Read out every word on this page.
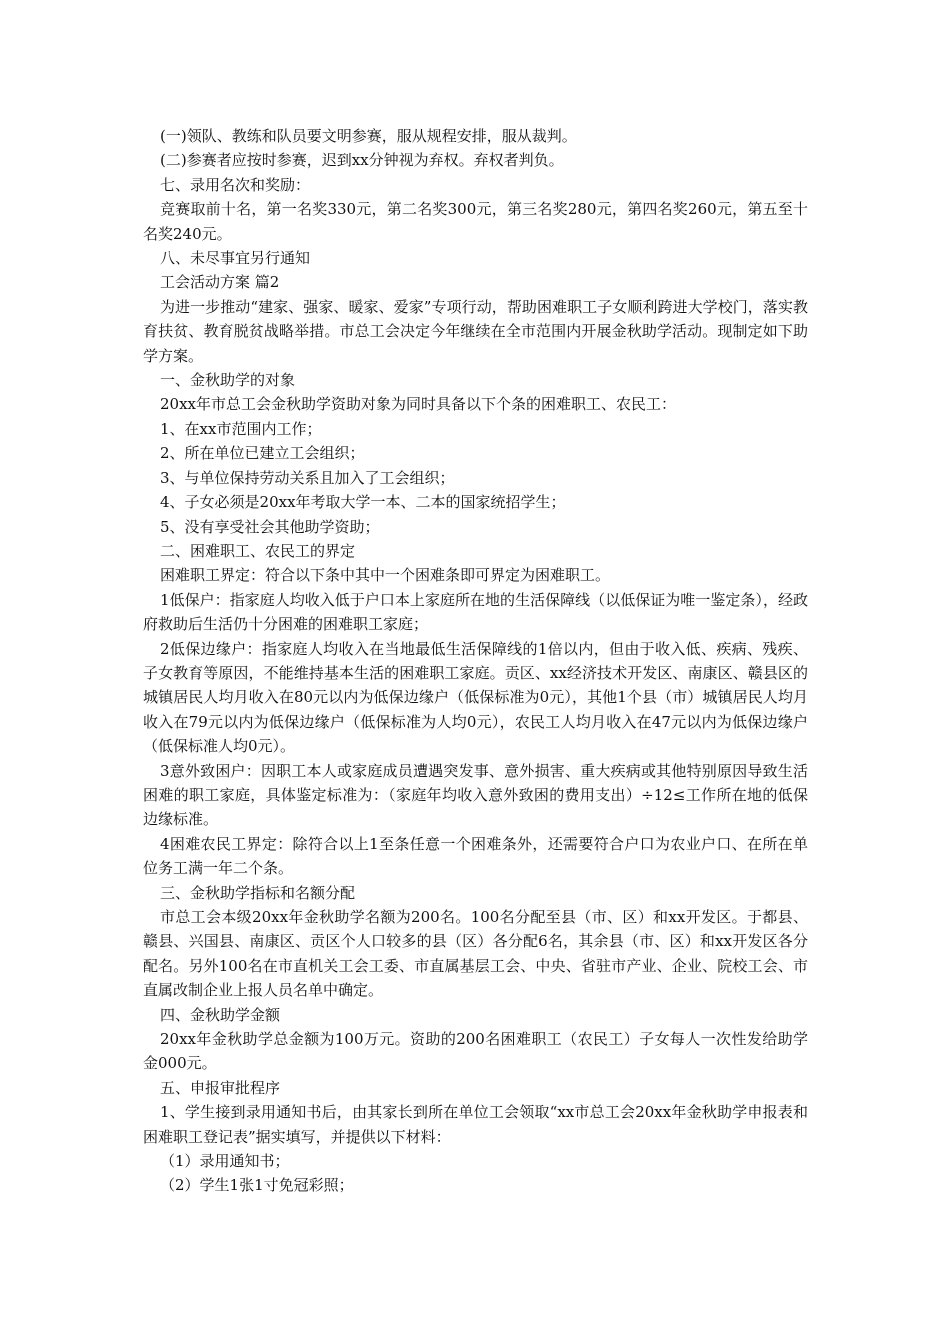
(一)领队、教练和队员要文明参赛，服从规程安排，服从裁判。

(二)参赛者应按时参赛，迟到xx分钟视为弃权。弃权者判负。

七、录用名次和奖励：

竞赛取前十名，第一名奖330元，第二名奖300元，第三名奖280元，第四名奖260元，第五至十名奖240元。

八、未尽事宜另行通知

工会活动方案 篇2

为进一步推动“建家、强家、暖家、爱家”专项行动，帮助困难职工子女顺利跨进大学校门，落实教育扶贫、教育脱贫战略举措。市总工会决定今年继续在全市范围内开展金秋助学活动。现制定如下助学方案。

一、金秋助学的对象

20xx年市总工会金秋助学资助对象为同时具备以下个条的困难职工、农民工：

1、在xx市范围内工作；

2、所在单位已建立工会组织；

3、与单位保持劳动关系且加入了工会组织；

4、子女必须是20xx年考取大学一本、二本的国家统招学生；

5、没有享受社会其他助学资助；

二、困难职工、农民工的界定

困难职工界定：符合以下条中其中一个困难条即可界定为困难职工。

1低保户：指家庭人均收入低于户口本上家庭所在地的生活保障线（以低保证为唯一鉴定条），经政府救助后生活仍十分困难的困难职工家庭；

2低保边缘户：指家庭人均收入在当地最低生活保障线的1倍以内，但由于收入低、疾病、残疾、子女教育等原因，不能维持基本生活的困难职工家庭。贡区、xx经济技术开发区、南康区、赣县区的城镇居民人均月收入在80元以内为低保边缘户（低保标准为0元），其他1个县（市）城镇居民人均月收入在79元以内为低保边缘户（低保标准为人均0元），农民工人均月收入在47元以内为低保边缘户（低保标准人均0元）。

3意外致困户：因职工本人或家庭成员遭遇突发事、意外损害、重大疾病或其他特别原因导致生活困难的职工家庭，具体鉴定标准为：（家庭年均收入意外致困的费用支出）÷12≤工作所在地的低保边缘标准。

4困难农民工界定：除符合以上1至条任意一个困难条外，还需要符合户口为农业户口、在所在单位务工满一年二个条。

三、金秋助学指标和名额分配

市总工会本级20xx年金秋助学名额为200名。100名分配至县（市、区）和xx开发区。于都县、赣县、兴国县、南康区、贡区个人口较多的县（区）各分配6名，其余县（市、区）和xx开发区各分配名。另外100名在市直机关工会工委、市直属基层工会、中央、省驻市产业、企业、院校工会、市直属改制企业上报人员名单中确定。

四、金秋助学金额

20xx年金秋助学总金额为100万元。资助的200名困难职工（农民工）子女每人一次性发给助学金000元。

五、申报审批程序

1、学生接到录用通知书后，由其家长到所在单位工会领取“xx市总工会20xx年金秋助学申报表和困难职工登记表”据实填写，并提供以下材料：

（1）录用通知书；

（2）学生1张1寸免冠彩照；
